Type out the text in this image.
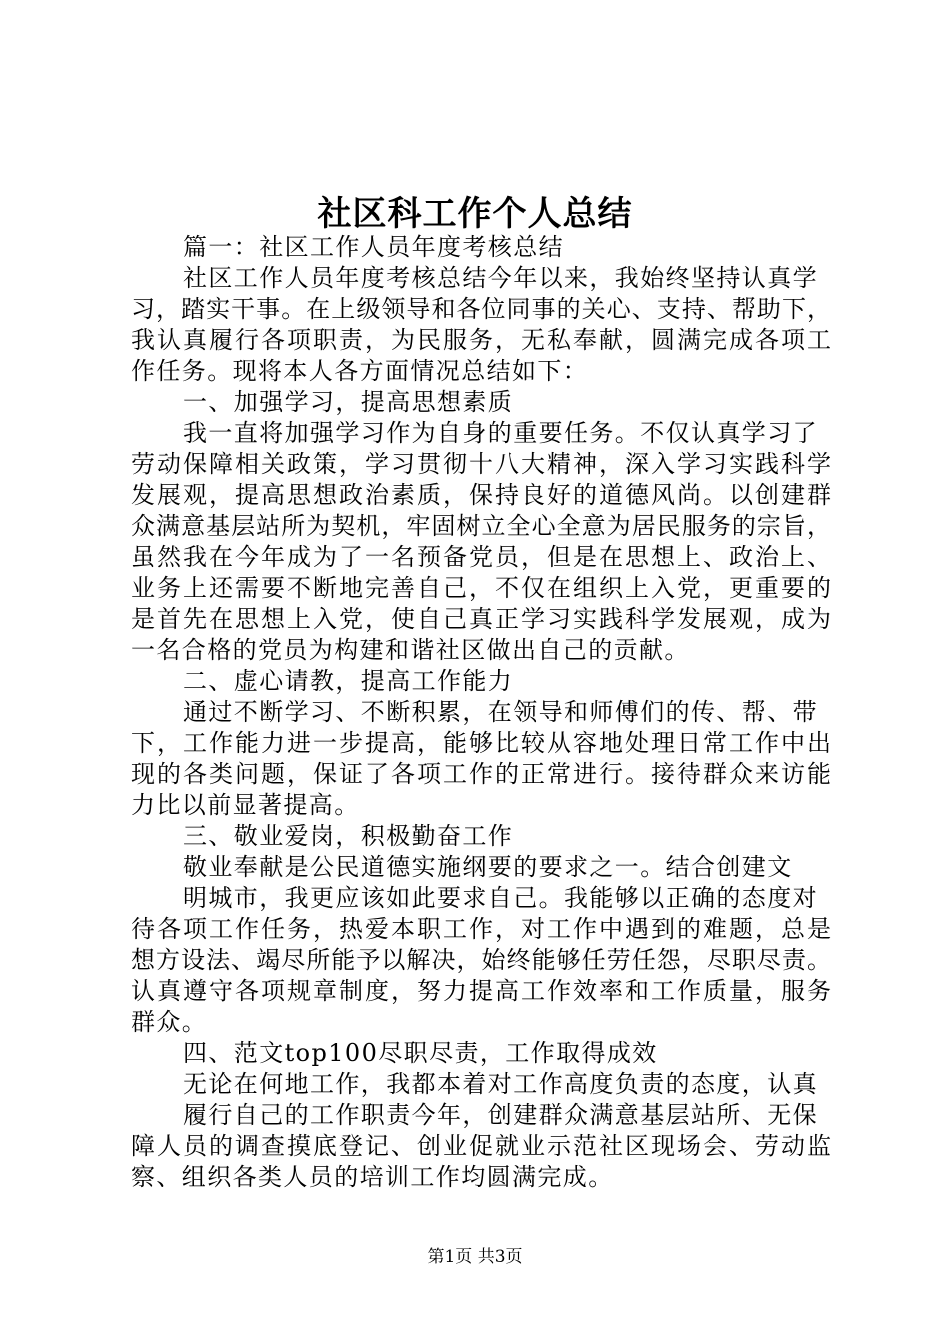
社区科工作个人总结
篇一：社区工作人员年度考核总结
社区工作人员年度考核总结今年以来，我始终坚持认真学
习，踏实干事。在上级领导和各位同事的关心、支持、帮助下，
我认真履行各项职责，为民服务，无私奉献，圆满完成各项工
作任务。现将本人各方面情况总结如下：
一、加强学习，提高思想素质
我一直将加强学习作为自身的重要任务。不仅认真学习了
劳动保障相关政策，学习贯彻十八大精神，深入学习实践科学
发展观，提高思想政治素质，保持良好的道德风尚。以创建群
众满意基层站所为契机，牢固树立全心全意为居民服务的宗旨，
虽然我在今年成为了一名预备党员，但是在思想上、政治上、
业务上还需要不断地完善自己，不仅在组织上入党，更重要的
是首先在思想上入党，使自己真正学习实践科学发展观，成为
一名合格的党员为构建和谐社区做出自己的贡献。
二、虚心请教，提高工作能力
通过不断学习、不断积累，在领导和师傅们的传、帮、带
下，工作能力进一步提高，能够比较从容地处理日常工作中出
现的各类问题，保证了各项工作的正常进行。接待群众来访能
力比以前显著提高。
三、敬业爱岗，积极勤奋工作
敬业奉献是公民道德实施纲要的要求之一。结合创建文
明城市，我更应该如此要求自己。我能够以正确的态度对
待各项工作任务，热爱本职工作，对工作中遇到的难题，总是
想方设法、竭尽所能予以解决，始终能够任劳任怨，尽职尽责。
认真遵守各项规章制度，努力提高工作效率和工作质量，服务
群众。
四、范文top100尽职尽责，工作取得成效
无论在何地工作，我都本着对工作高度负责的态度，认真
履行自己的工作职责今年，创建群众满意基层站所、无保
障人员的调查摸底登记、创业促就业示范社区现场会、劳动监
察、组织各类人员的培训工作均圆满完成。
第1页 共3页
